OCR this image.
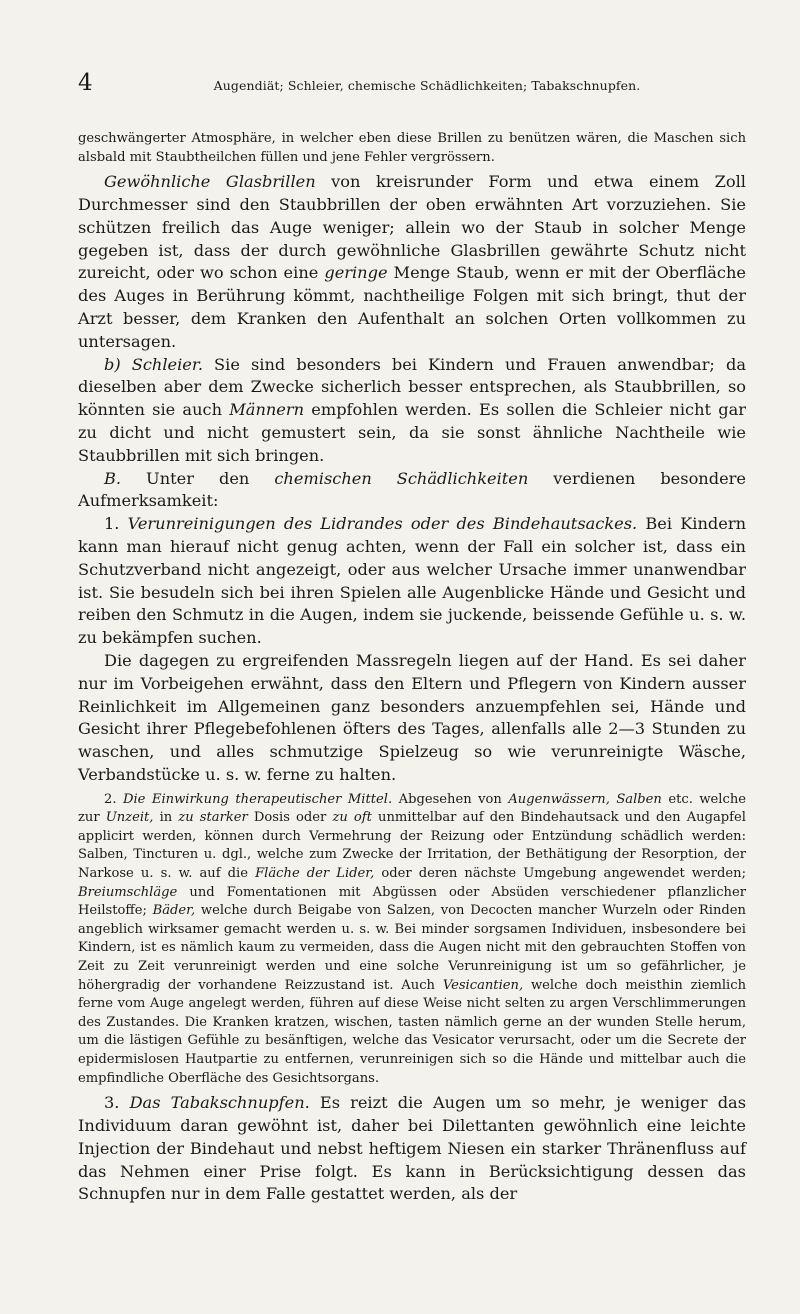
4	Augendiät; Schleier, chemische Schädlichkeiten; Tabakschnupfen.

geschwängerter Atmosphäre, in welcher eben diese Brillen zu benützen wären, die Maschen sich alsbald mit Staubtheilchen füllen und jene Fehler vergrössern.

Gewöhnliche Glasbrillen von kreisrunder Form und etwa einem Zoll Durchmesser sind den Staubbrillen der oben erwähnten Art vorzuziehen. Sie schützen freilich das Auge weniger; allein wo der Staub in solcher Menge gegeben ist, dass der durch gewöhnliche Glasbrillen gewährte Schutz nicht zureicht, oder wo schon eine geringe Menge Staub, wenn er mit der Oberfläche des Auges in Berührung kömmt, nachtheilige Folgen mit sich bringt, thut der Arzt besser, dem Kranken den Aufenthalt an solchen Orten vollkommen zu untersagen.

b) Schleier. Sie sind besonders bei Kindern und Frauen anwendbar; da dieselben aber dem Zwecke sicherlich besser entsprechen, als Staubbrillen, so könnten sie auch Männern empfohlen werden. Es sollen die Schleier nicht gar zu dicht und nicht gemustert sein, da sie sonst ähnliche Nachtheile wie Staubbrillen mit sich bringen.

B. Unter den chemischen Schädlichkeiten verdienen besondere Aufmerksamkeit:

1. Verunreinigungen des Lidrandes oder des Bindehautsackes. Bei Kindern kann man hierauf nicht genug achten, wenn der Fall ein solcher ist, dass ein Schutzverband nicht angezeigt, oder aus welcher Ursache immer unanwendbar ist. Sie besudeln sich bei ihren Spielen alle Augenblicke Hände und Gesicht und reiben den Schmutz in die Augen, indem sie juckende, beissende Gefühle u. s. w. zu bekämpfen suchen.

Die dagegen zu ergreifenden Massregeln liegen auf der Hand. Es sei daher nur im Vorbeigehen erwähnt, dass den Eltern und Pflegern von Kindern ausser Reinlichkeit im Allgemeinen ganz besonders anzuempfehlen sei, Hände und Gesicht ihrer Pflegebefohlenen öfters des Tages, allenfalls alle 2—3 Stunden zu waschen, und alles schmutzige Spielzeug so wie verunreinigte Wäsche, Verbandstücke u. s. w. ferne zu halten.

2. Die Einwirkung therapeutischer Mittel. Abgesehen von Augenwässern, Salben etc. welche zur Unzeit, in zu starker Dosis oder zu oft unmittelbar auf den Bindehautsack und den Augapfel applicirt werden, können durch Vermehrung der Reizung oder Entzündung schädlich werden: Salben, Tincturen u. dgl., welche zum Zwecke der Irritation, der Bethätigung der Resorption, der Narkose u. s. w. auf die Fläche der Lider, oder deren nächste Umgebung angewendet werden; Breiumschläge und Fomentationen mit Abgüssen oder Absüden verschiedener pflanzlicher Heilstoffe; Bäder, welche durch Beigabe von Salzen, von Decocten mancher Wurzeln oder Rinden angeblich wirksamer gemacht werden u. s. w. Bei minder sorgsamen Individuen, insbesondere bei Kindern, ist es nämlich kaum zu vermeiden, dass die Augen nicht mit den gebrauchten Stoffen von Zeit zu Zeit verunreinigt werden und eine solche Verunreinigung ist um so gefährlicher, je höhergradig der vorhandene Reizzustand ist. Auch Vesicantien, welche doch meisthin ziemlich ferne vom Auge angelegt werden, führen auf diese Weise nicht selten zu argen Verschlimmerungen des Zustandes. Die Kranken kratzen, wischen, tasten nämlich gerne an der wunden Stelle herum, um die lästigen Gefühle zu besänftigen, welche das Vesicator verursacht, oder um die Secrete der epidermislosen Hautpartie zu entfernen, verunreinigen sich so die Hände und mittelbar auch die empfindliche Oberfläche des Gesichtsorgans.

3. Das Tabakschnupfen. Es reizt die Augen um so mehr, je weniger das Individuum daran gewöhnt ist, daher bei Dilettanten gewöhnlich eine leichte Injection der Bindehaut und nebst heftigem Niesen ein starker Thränenfluss auf das Nehmen einer Prise folgt. Es kann in Berücksichtigung dessen das Schnupfen nur in dem Falle gestattet werden, als der
